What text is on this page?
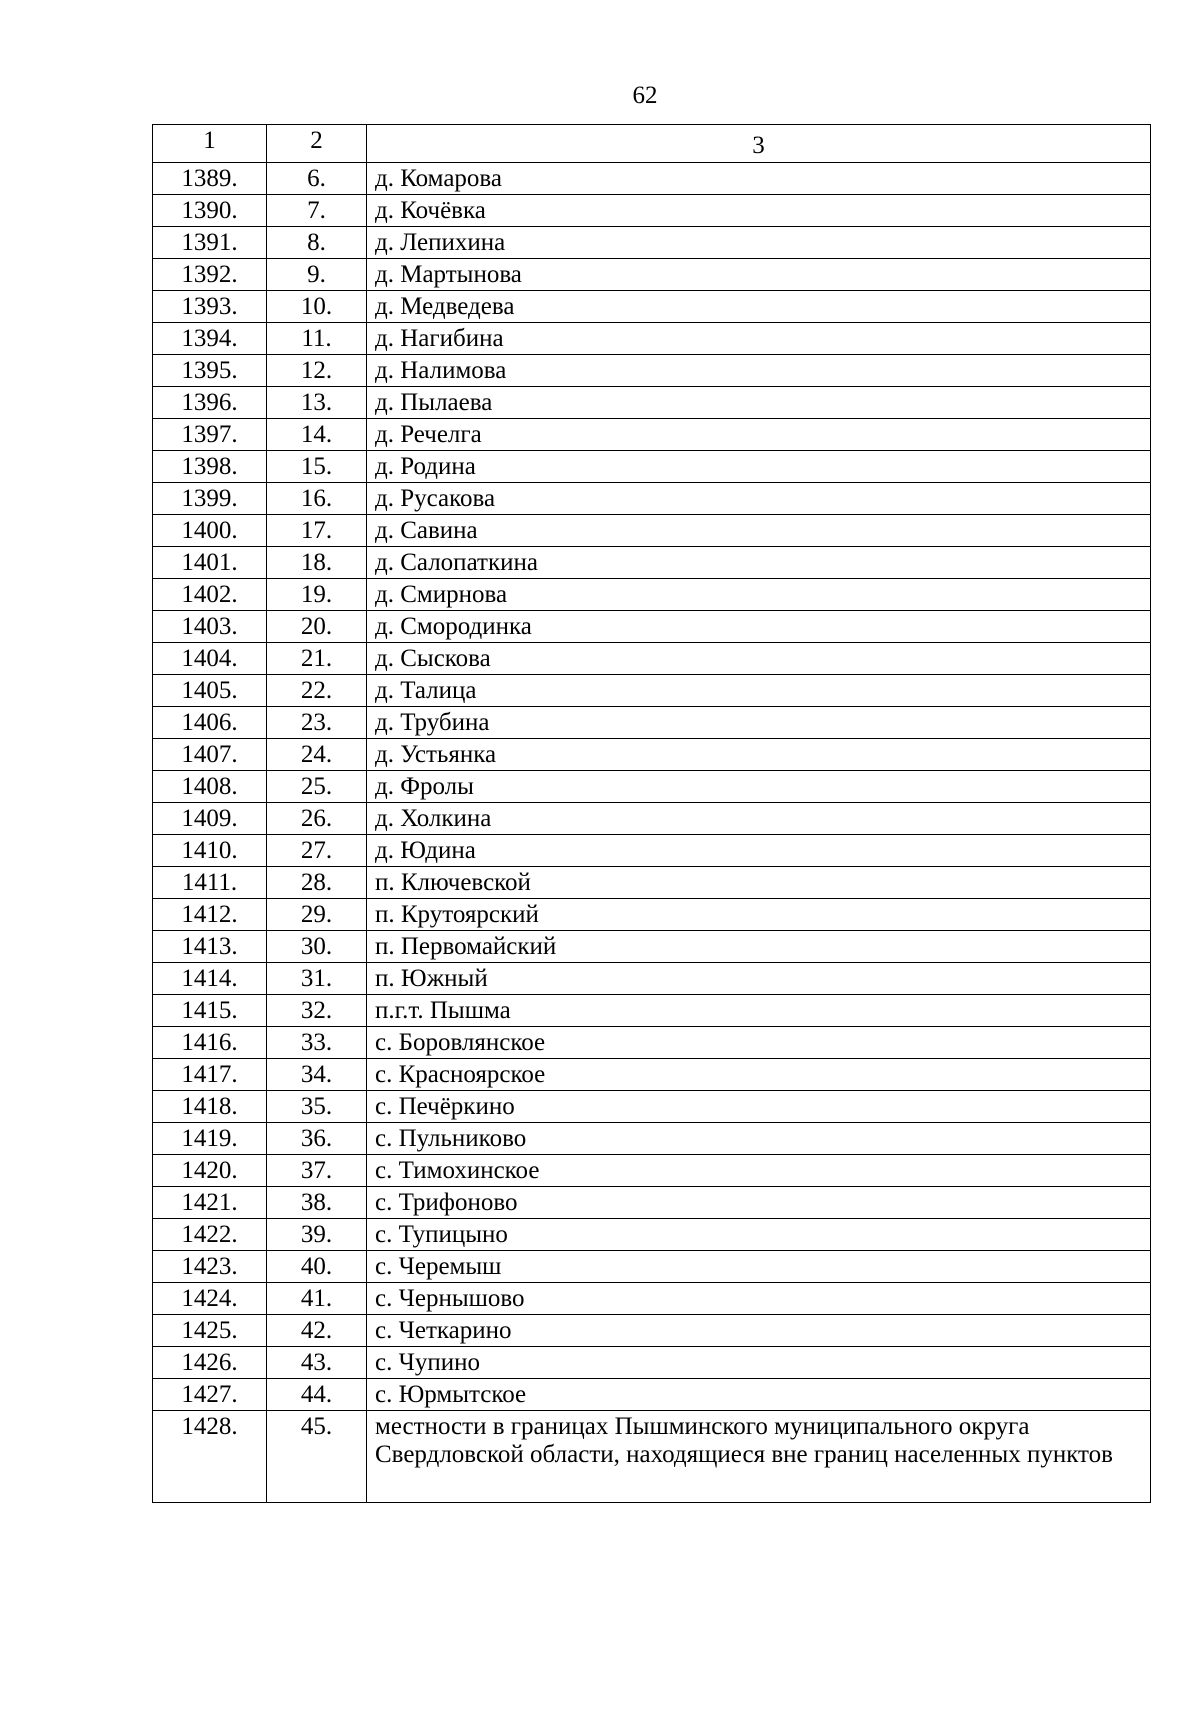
62
1	2	3
1389.	6.	д. Комарова
1390.	7.	д. Кочёвка
1391.	8.	д. Лепихина
1392.	9.	д. Мартынова
1393.	10.	д. Медведева
1394.	11.	д. Нагибина
1395.	12.	д. Налимова
1396.	13.	д. Пылаева
1397.	14.	д. Речелга
1398.	15.	д. Родина
1399.	16.	д. Русакова
1400.	17.	д. Савина
1401.	18.	д. Салопаткина
1402.	19.	д. Смирнова
1403.	20.	д. Смородинка
1404.	21.	д. Сыскова
1405.	22.	д. Талица
1406.	23.	д. Трубина
1407.	24.	д. Устьянка
1408.	25.	д. Фролы
1409.	26.	д. Холкина
1410.	27.	д. Юдина
1411.	28.	п. Ключевской
1412.	29.	п. Крутоярский
1413.	30.	п. Первомайский
1414.	31.	п. Южный
1415.	32.	п.г.т. Пышма
1416.	33.	с. Боровлянское
1417.	34.	с. Красноярское
1418.	35.	с. Печёркино
1419.	36.	с. Пульниково
1420.	37.	с. Тимохинское
1421.	38.	с. Трифоново
1422.	39.	с. Тупицыно
1423.	40.	с. Черемыш
1424.	41.	с. Чернышово
1425.	42.	с. Четкарино
1426.	43.	с. Чупино
1427.	44.	с. Юрмытское
1428.	45.	местности в границах Пышминского муниципального округа Свердловской области, находящиеся вне границ населенных пунктов
